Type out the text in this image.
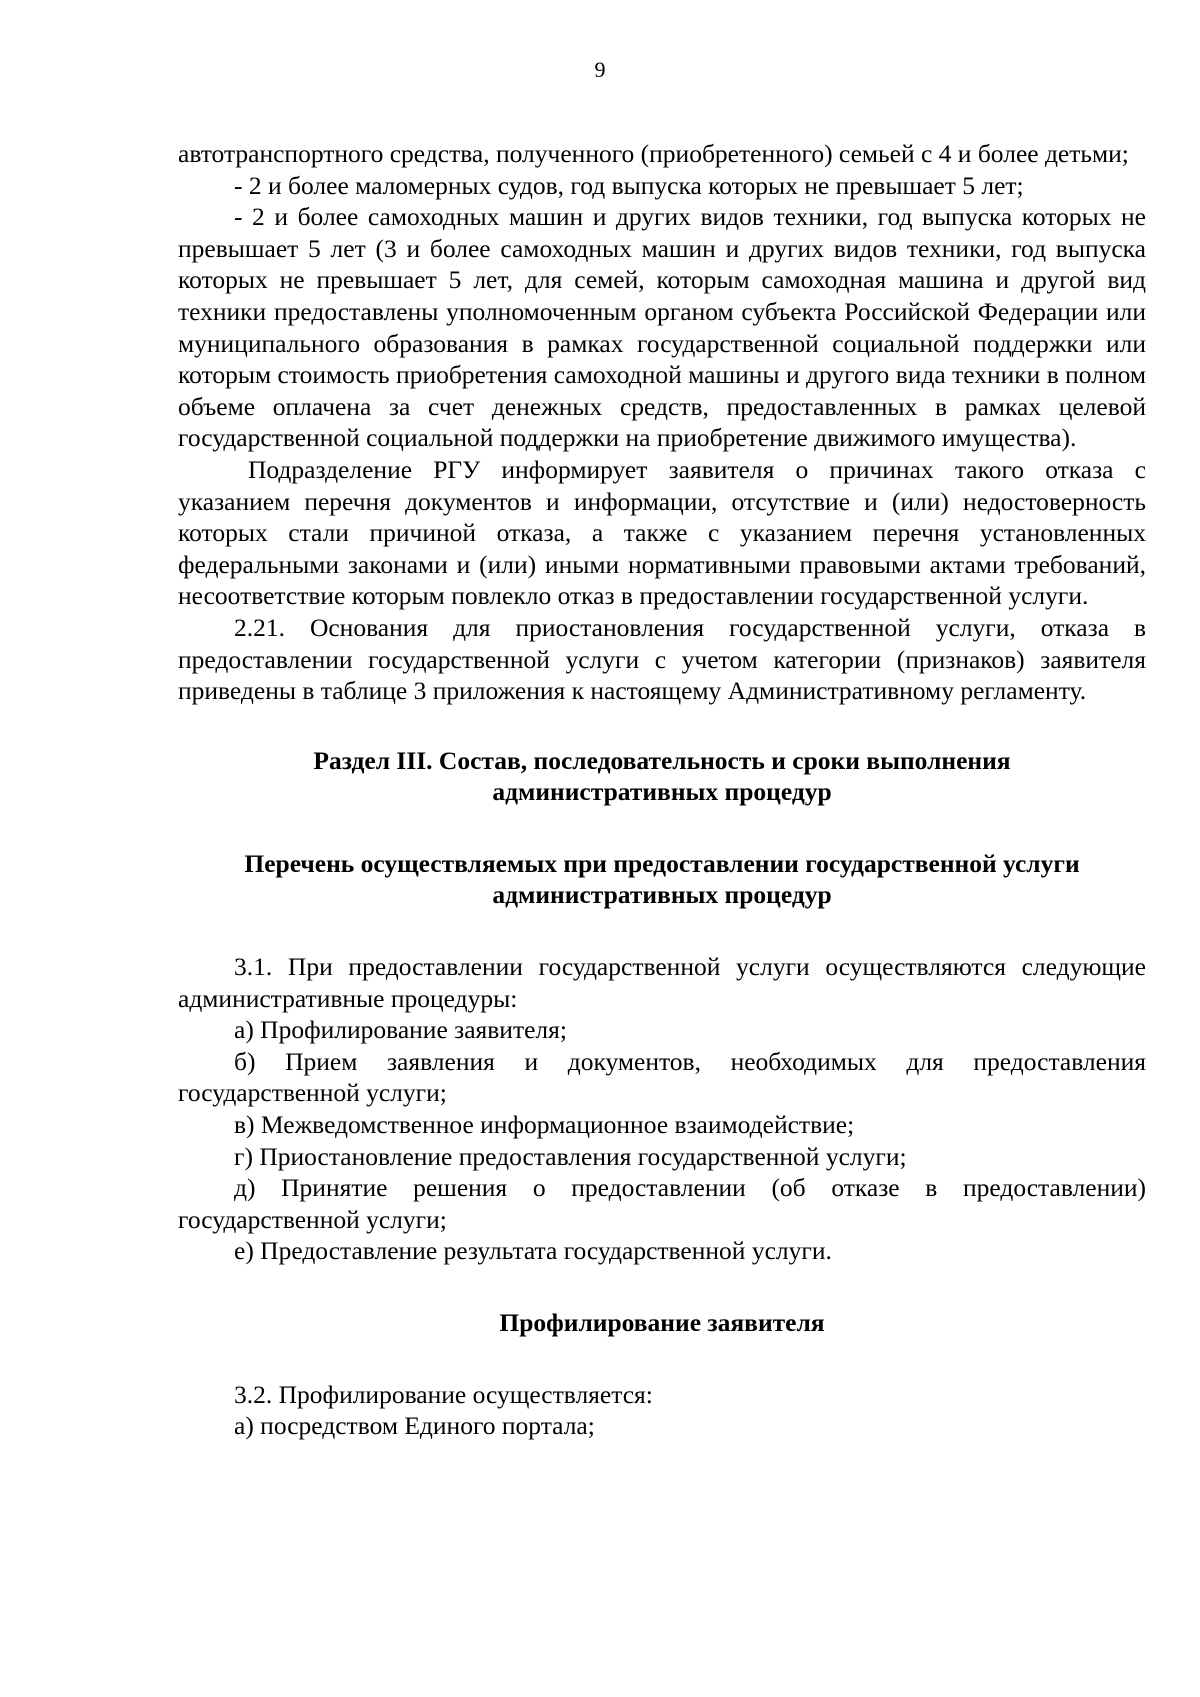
9

автотранспортного средства, полученного (приобретенного) семьей с 4 и более детьми;

- 2 и более маломерных судов, год выпуска которых не превышает 5 лет;

- 2 и более самоходных машин и других видов техники, год выпуска которых не превышает 5 лет (3 и более самоходных машин и других видов техники, год выпуска которых не превышает 5 лет, для семей, которым самоходная машина и другой вид техники предоставлены уполномоченным органом субъекта Российской Федерации или муниципального образования в рамках государственной социальной поддержки или которым стоимость приобретения самоходной машины и другого вида техники в полном объеме оплачена за счет денежных средств, предоставленных в рамках целевой государственной социальной поддержки на приобретение движимого имущества).

Подразделение РГУ информирует заявителя о причинах такого отказа с указанием перечня документов и информации, отсутствие и (или) недостоверность которых стали причиной отказа, а также с указанием перечня установленных федеральными законами и (или) иными нормативными правовыми актами требований, несоответствие которым повлекло отказ в предоставлении государственной услуги.

2.21. Основания для приостановления государственной услуги, отказа в предоставлении государственной услуги с учетом категории (признаков) заявителя приведены в таблице 3 приложения к настоящему Административному регламенту.

Раздел III. Состав, последовательность и сроки выполнения
административных процедур
Перечень осуществляемых при предоставлении государственной услуги
административных процедур

3.1. При предоставлении государственной услуги осуществляются следующие административные процедуры:

а) Профилирование заявителя;

б) Прием заявления и документов, необходимых для предоставления государственной услуги;

в) Межведомственное информационное взаимодействие;

г) Приостановление предоставления государственной услуги;

д) Принятие решения о предоставлении (об отказе в предоставлении) государственной услуги;

е) Предоставление результата государственной услуги.

Профилирование заявителя

3.2. Профилирование осуществляется:

а) посредством Единого портала;
